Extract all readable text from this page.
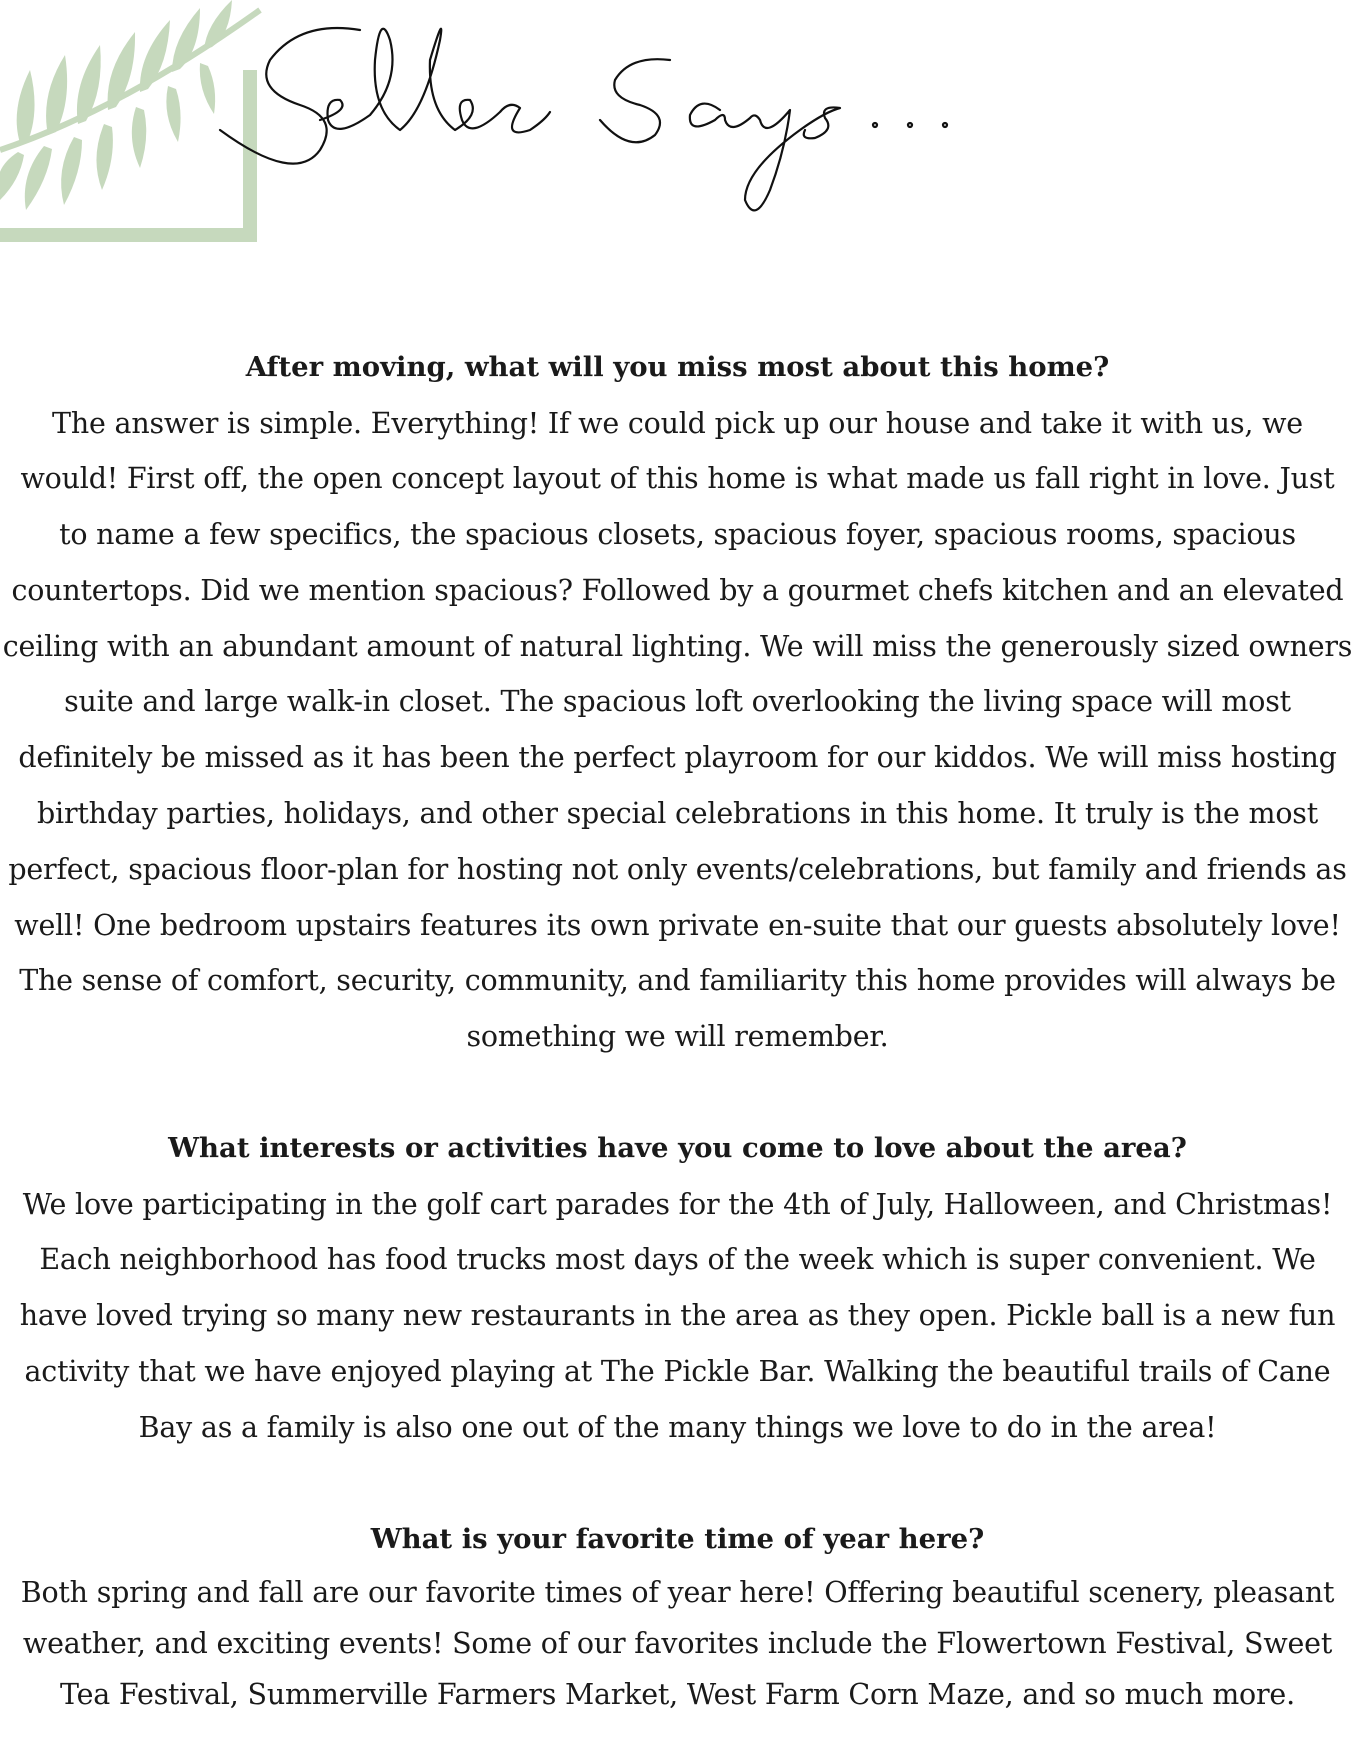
After moving, what will you miss most about this home?

The answer is simple. Everything! If we could pick up our house and take it with us, we would! First off, the open concept layout of this home is what made us fall right in love. Just to name a few specifics, the spacious closets, spacious foyer, spacious rooms, spacious countertops. Did we mention spacious? Followed by a gourmet chefs kitchen and an elevated ceiling with an abundant amount of natural lighting. We will miss the generously sized owners suite and large walk-in closet. The spacious loft overlooking the living space will most definitely be missed as it has been the perfect playroom for our kiddos. We will miss hosting birthday parties, holidays, and other special celebrations in this home. It truly is the most perfect, spacious floor-plan for hosting not only events/celebrations, but family and friends as well! One bedroom upstairs features its own private en-suite that our guests absolutely love! The sense of comfort, security, community, and familiarity this home provides will always be something we will remember.

What interests or activities have you come to love about the area?

We love participating in the golf cart parades for the 4th of July, Halloween, and Christmas! Each neighborhood has food trucks most days of the week which is super convenient. We have loved trying so many new restaurants in the area as they open. Pickle ball is a new fun activity that we have enjoyed playing at The Pickle Bar. Walking the beautiful trails of Cane Bay as a family is also one out of the many things we love to do in the area!

What is your favorite time of year here?

Both spring and fall are our favorite times of year here! Offering beautiful scenery, pleasant weather, and exciting events! Some of our favorites include the Flowertown Festival, Sweet Tea Festival, Summerville Farmers Market, West Farm Corn Maze, and so much more.
